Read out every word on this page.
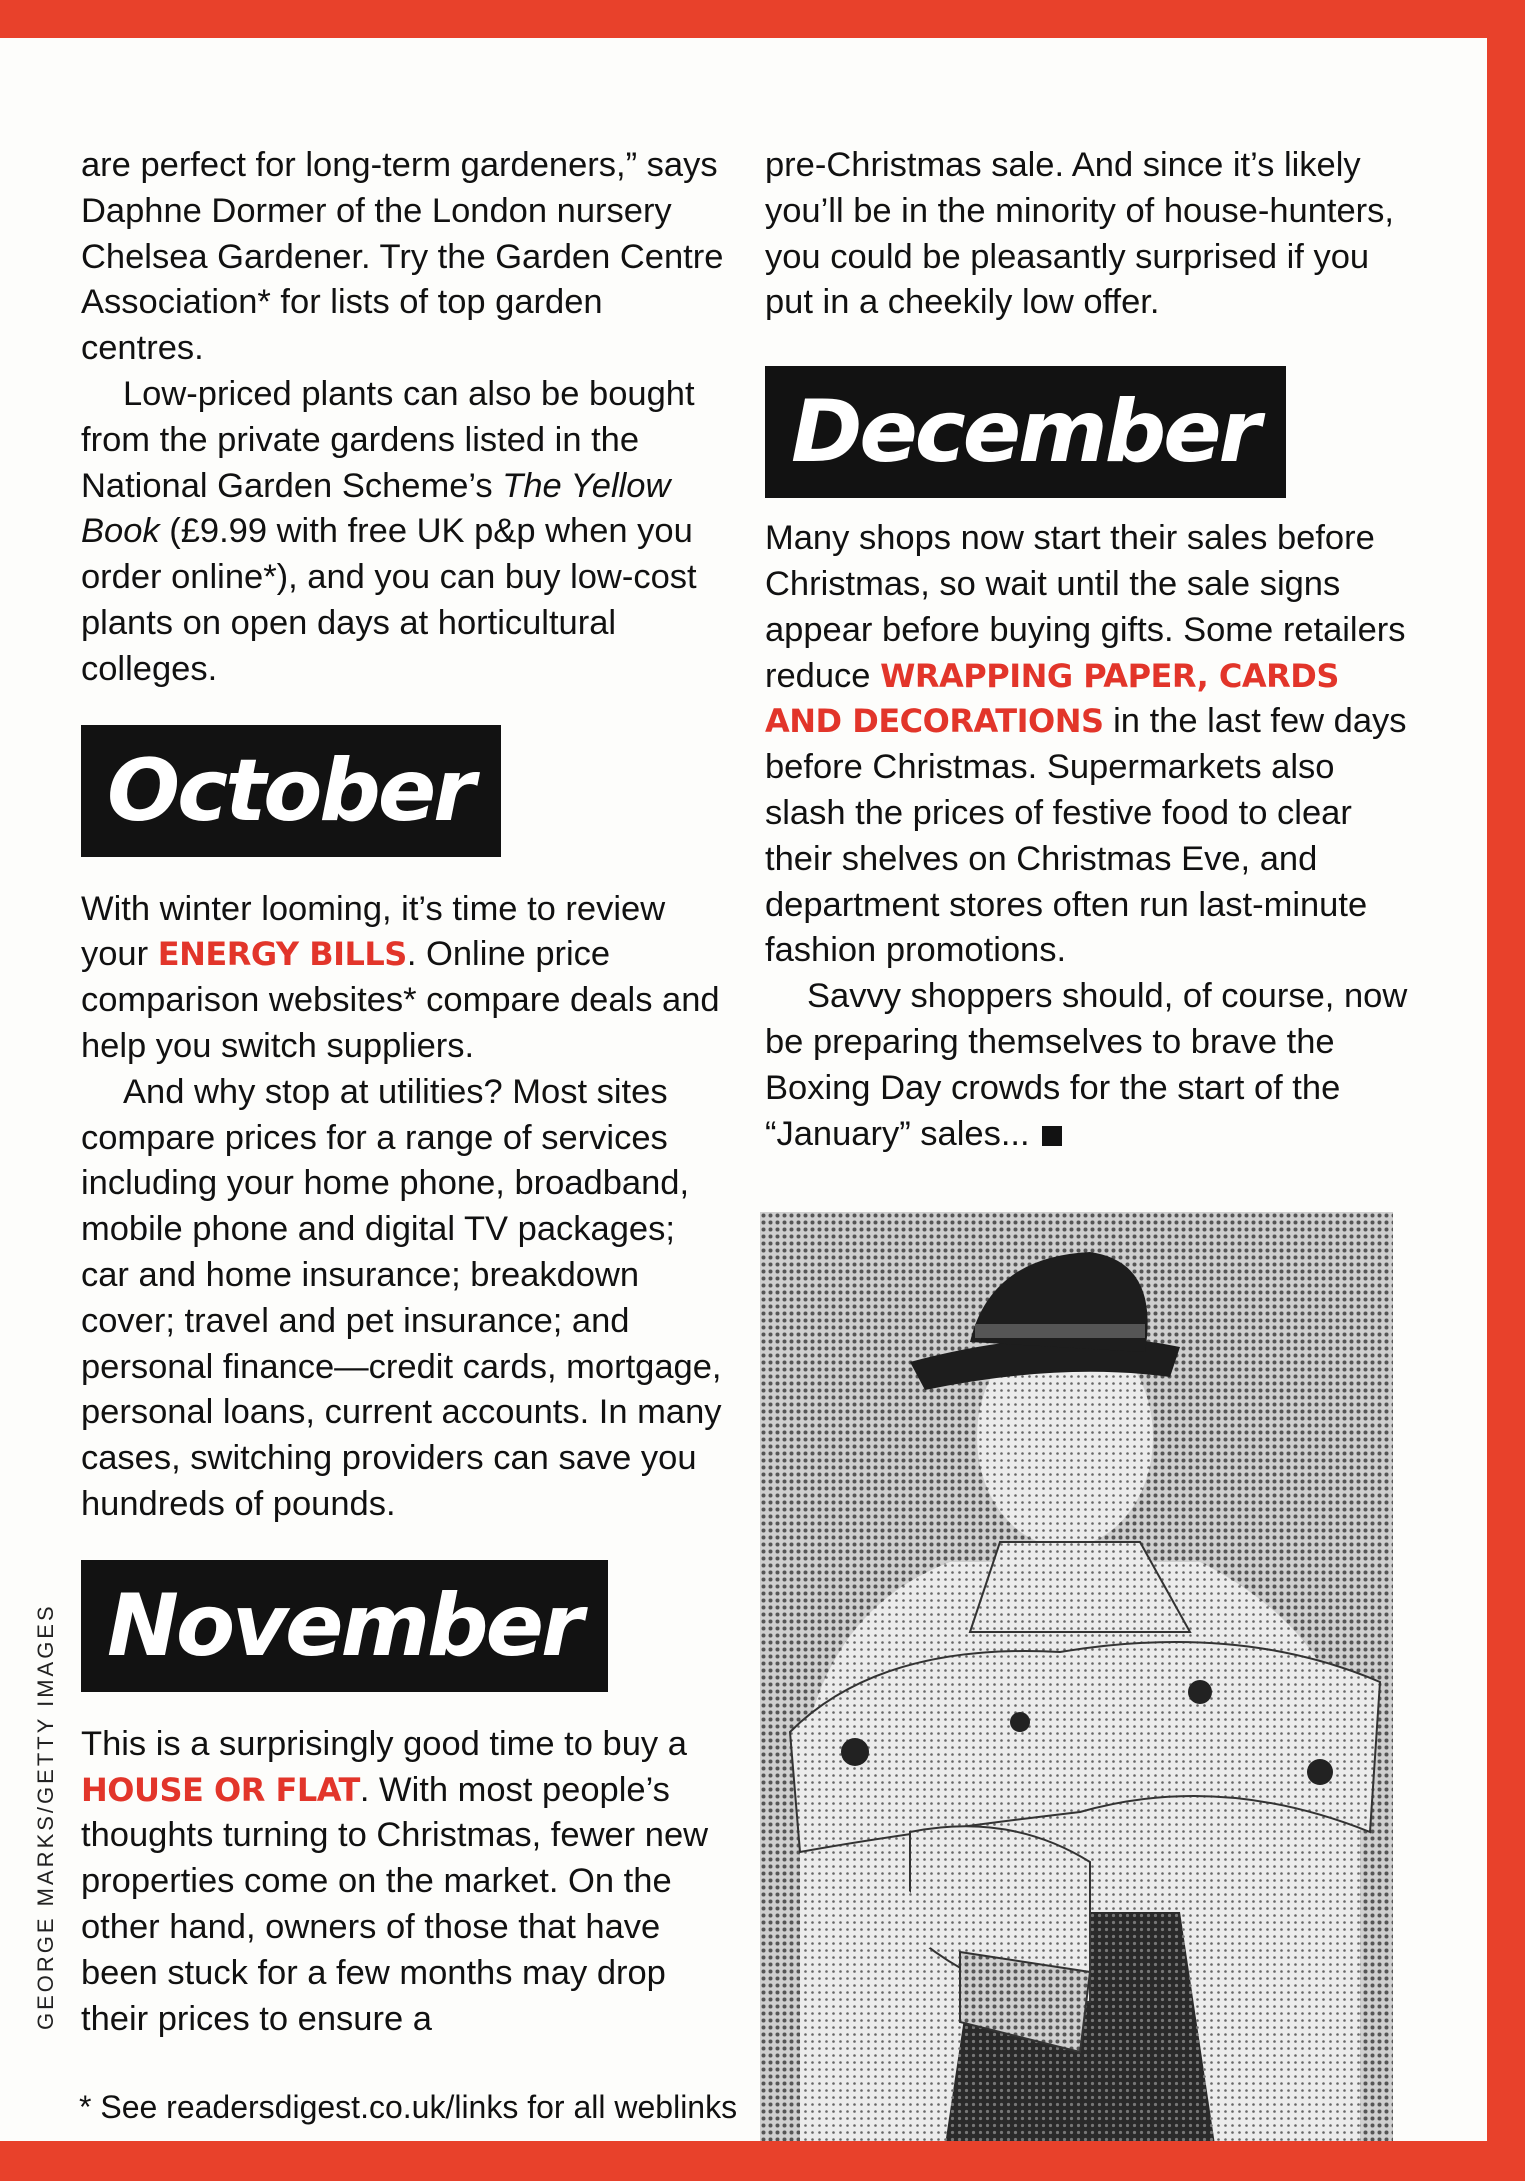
are perfect for long-term gardeners,” says Daphne Dormer of the London nursery Chelsea Gardener. Try the Garden Centre Association* for lists of top garden centres.

Low-priced plants can also be bought from the private gardens listed in the National Garden Scheme’s The Yellow Book (£9.99 with free UK p&p when you order online*), and you can buy low-cost plants on open days at horticultural colleges.

October

With winter looming, it’s time to review your ENERGY BILLS. Online price comparison websites* compare deals and help you switch suppliers.

And why stop at utilities? Most sites compare prices for a range of services including your home phone, broadband, mobile phone and digital TV packages; car and home insurance; breakdown cover; travel and pet insurance; and personal finance—credit cards, mortgage, personal loans, current accounts. In many cases, switching providers can save you hundreds of pounds.

November

This is a surprisingly good time to buy a HOUSE OR FLAT. With most people’s thoughts turning to Christmas, fewer new properties come on the market. On the other hand, owners of those that have been stuck for a few months may drop their prices to ensure a

pre-Christmas sale. And since it’s likely you’ll be in the minority of house-hunters, you could be pleasantly surprised if you put in a cheekily low offer.

December

Many shops now start their sales before Christmas, so wait until the sale signs appear before buying gifts. Some retailers reduce WRAPPING PAPER, CARDS AND DECORATIONS in the last few days before Christmas. Supermarkets also slash the prices of festive food to clear their shelves on Christmas Eve, and department stores often run last-minute fashion promotions.

Savvy shoppers should, of course, now be preparing themselves to brave the Boxing Day crowds for the start of the “January” sales...

* See readersdigest.co.uk/links for all weblinks
GEORGE MARKS/GETTY IMAGES
